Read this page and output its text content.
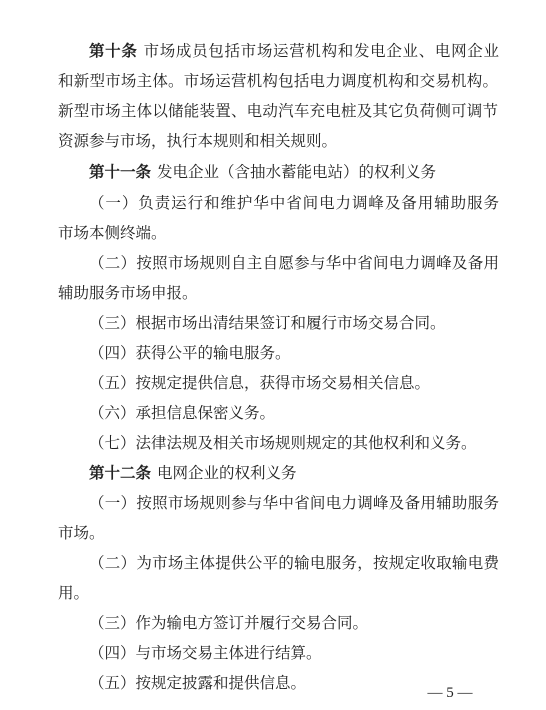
第十条 市场成员包括市场运营机构和发电企业、电网企业
和新型市场主体。市场运营机构包括电力调度机构和交易机构。
新型市场主体以储能装置、电动汽车充电桩及其它负荷侧可调节
资源参与市场，执行本规则和相关规则。
第十一条 发电企业（含抽水蓄能电站）的权利义务
（一）负责运行和维护华中省间电力调峰及备用辅助服务
市场本侧终端。
（二）按照市场规则自主自愿参与华中省间电力调峰及备用
辅助服务市场申报。
（三）根据市场出清结果签订和履行市场交易合同。
（四）获得公平的输电服务。
（五）按规定提供信息，获得市场交易相关信息。
（六）承担信息保密义务。
（七）法律法规及相关市场规则规定的其他权利和义务。
第十二条 电网企业的权利义务
（一）按照市场规则参与华中省间电力调峰及备用辅助服务
市场。
（二）为市场主体提供公平的输电服务，按规定收取输电费
用。
（三）作为输电方签订并履行交易合同。
（四）与市场交易主体进行结算。
（五）按规定披露和提供信息。
— 5 —
